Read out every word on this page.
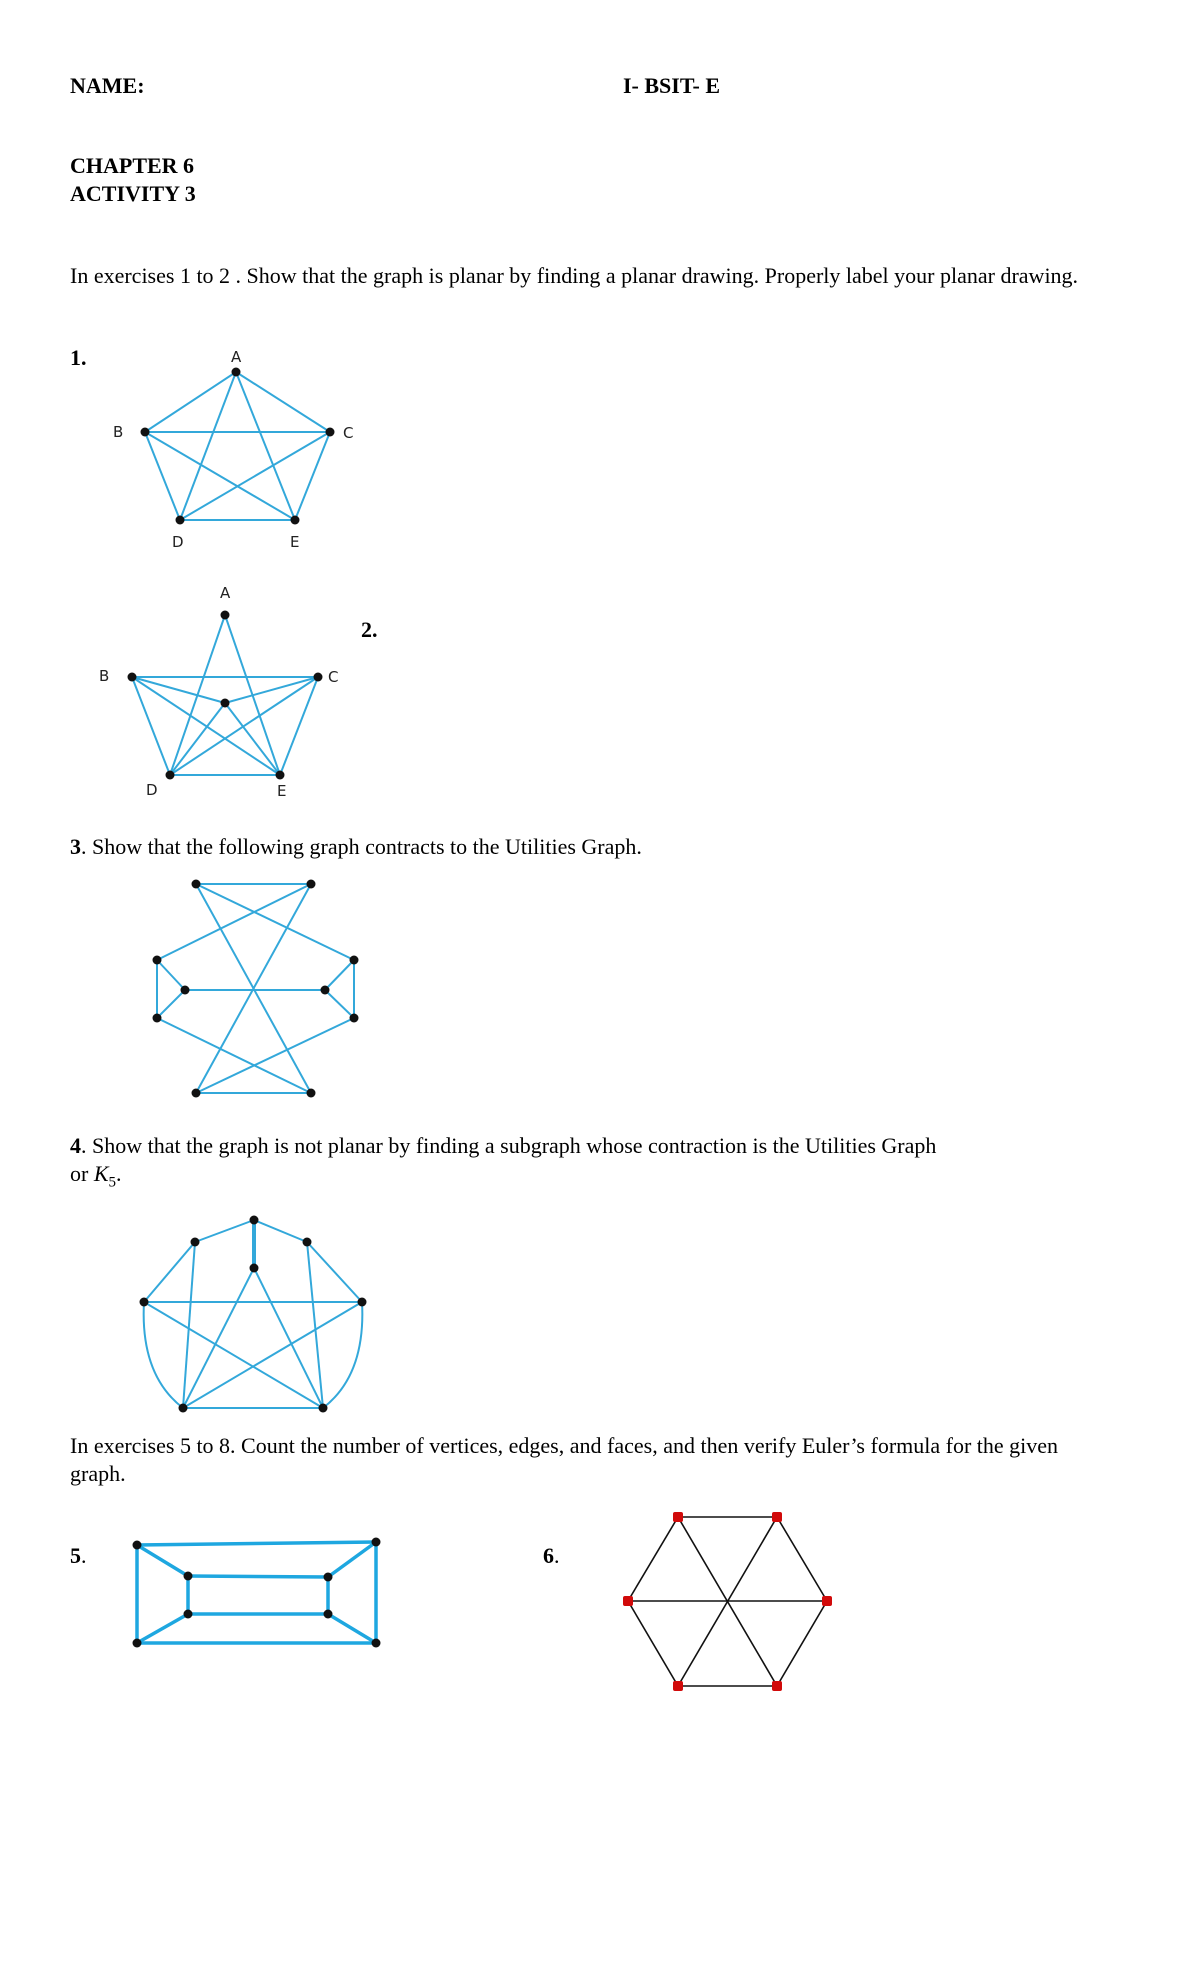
NAME:	I- BSIT- E
CHAPTER 6
ACTIVITY 3
In exercises 1 to 2 . Show that the graph is planar by finding a planar drawing. Properly label your planar drawing.
1.	A
B	C
D	E
A
B	C
D	E
2.
3. Show that the following graph contracts to the Utilities Graph.
4. Show that the graph is not planar by finding a subgraph whose contraction is the Utilities Graph
or $K_5$.
In exercises 5 to 8. Count the number of vertices, edges, and faces, and then verify Euler’s formula for the given graph.
5.	6.
